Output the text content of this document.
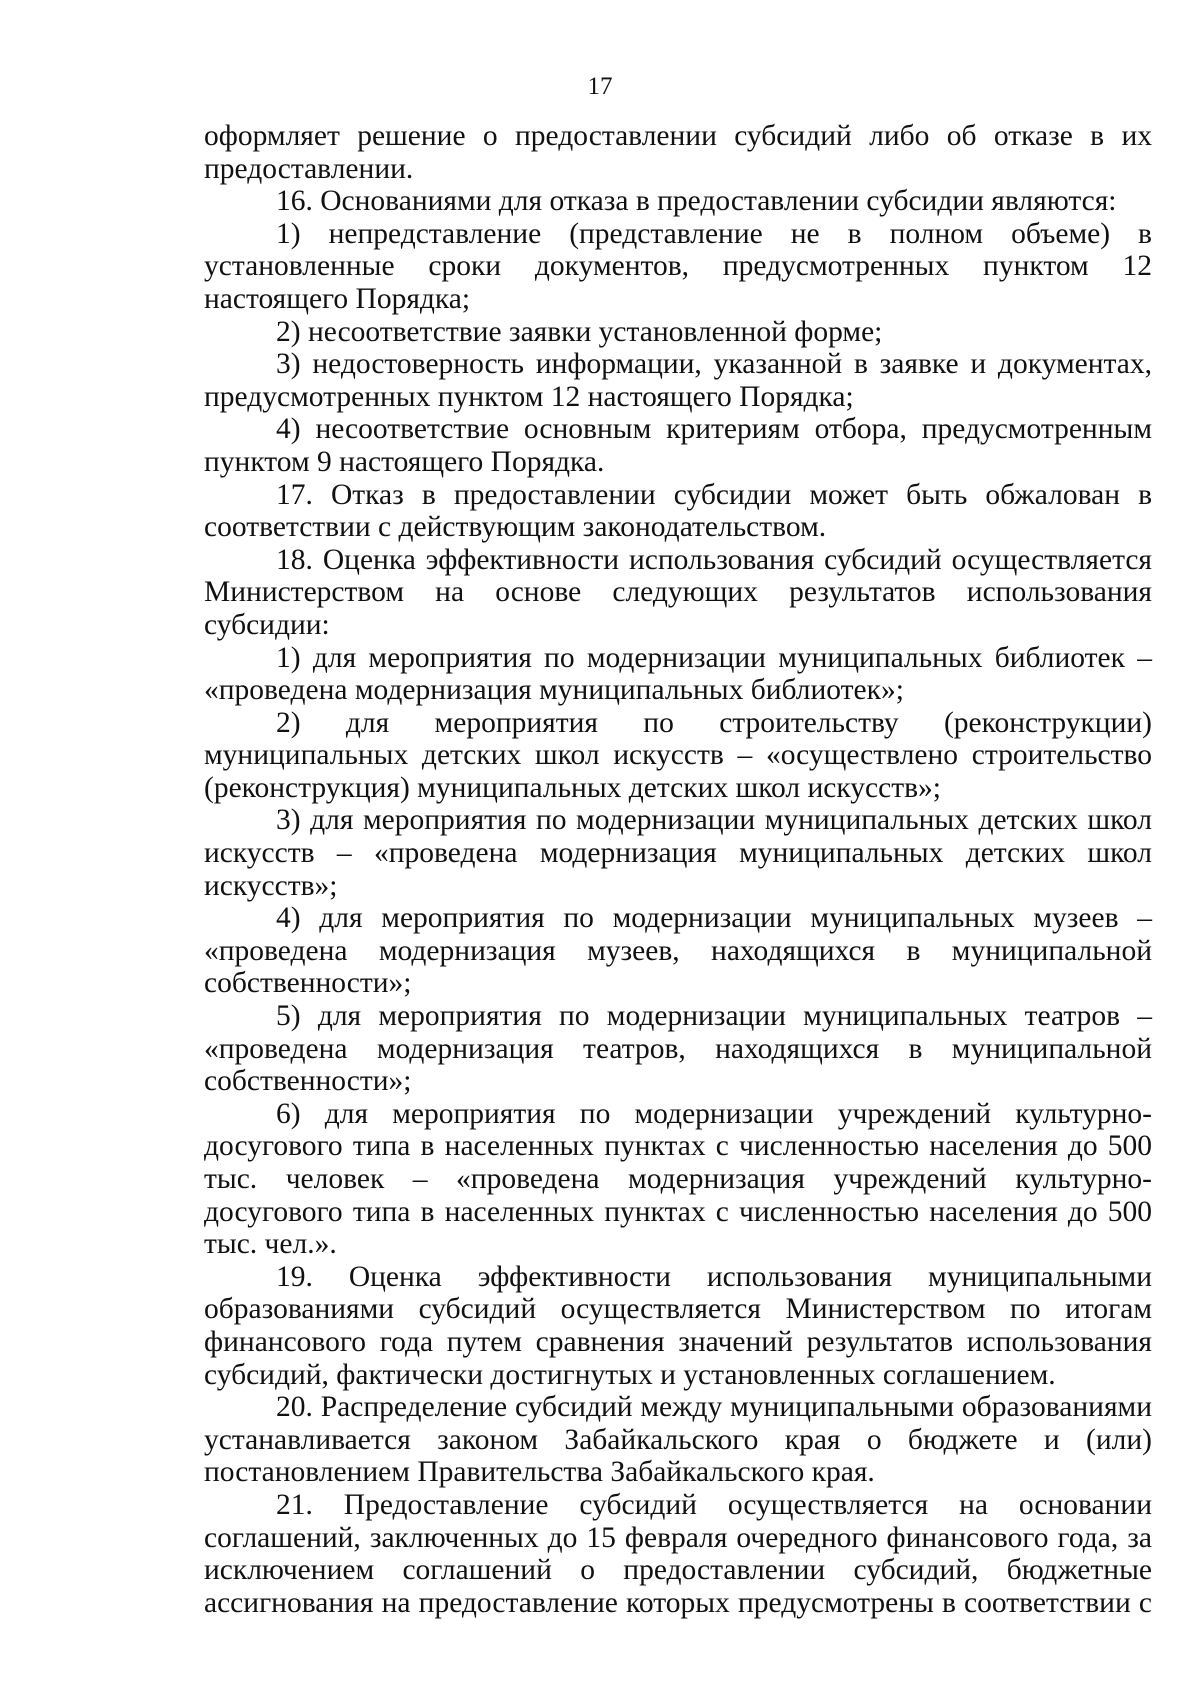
17

оформляет решение о предоставлении субсидий либо об отказе в их предоставлении.

16. Основаниями для отказа в предоставлении субсидии являются:

1) непредставление (представление не в полном объеме) в установленные сроки документов, предусмотренных пунктом 12 настоящего Порядка;

2) несоответствие заявки установленной форме;

3) недостоверность информации, указанной в заявке и документах, предусмотренных пунктом 12 настоящего Порядка;

4) несоответствие основным критериям отбора, предусмотренным пунктом 9 настоящего Порядка.

17. Отказ в предоставлении субсидии может быть обжалован в соответствии с действующим законодательством.

18. Оценка эффективности использования субсидий осуществляется Министерством на основе следующих результатов использования субсидии:

1) для мероприятия по модернизации муниципальных библиотек – «проведена модернизация муниципальных библиотек»;

2) для мероприятия по строительству (реконструкции) муниципальных детских школ искусств – «осуществлено строительство (реконструкция) муниципальных детских школ искусств»;

3) для мероприятия по модернизации муниципальных детских школ искусств – «проведена модернизация муниципальных детских школ искусств»;

4) для мероприятия по модернизации муниципальных музеев – «проведена модернизация музеев, находящихся в муниципальной собственности»;

5) для мероприятия по модернизации муниципальных театров – «проведена модернизация театров, находящихся в муниципальной собственности»;

6) для мероприятия по модернизации учреждений культурно-досугового типа в населенных пунктах с численностью населения до 500 тыс. человек – «проведена модернизация учреждений культурно-досугового типа в населенных пунктах с численностью населения до 500 тыс. чел.».

19. Оценка эффективности использования муниципальными образованиями субсидий осуществляется Министерством по итогам финансового года путем сравнения значений результатов использования субсидий, фактически достигнутых и установленных соглашением.

20. Распределение субсидий между муниципальными образованиями устанавливается законом Забайкальского края о бюджете и (или) постановлением Правительства Забайкальского края.

21. Предоставление субсидий осуществляется на основании соглашений, заключенных до 15 февраля очередного финансового года, за исключением соглашений о предоставлении субсидий, бюджетные ассигнования на предоставление которых предусмотрены в соответствии с
